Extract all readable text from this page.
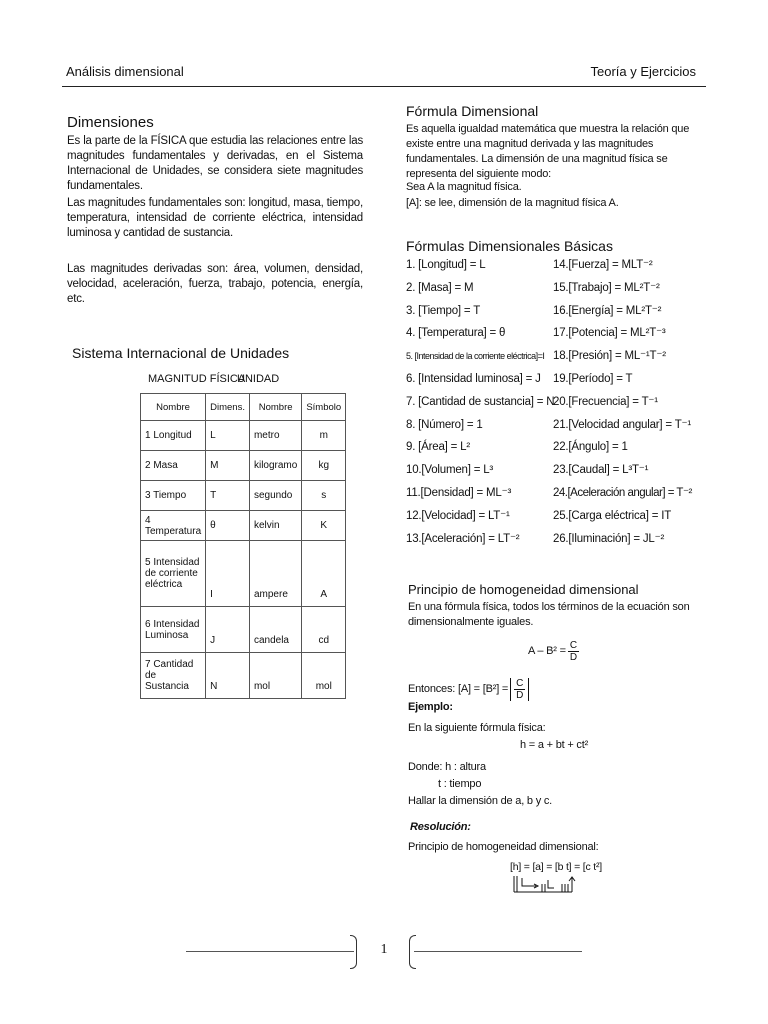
Análisis dimensional	Teoría y Ejercicios
Dimensiones
Es la parte de la FÍSICA que estudia las relaciones entre las magnitudes fundamentales y derivadas, en el Sistema Internacional de Unidades, se considera siete magnitudes fundamentales.
Las magnitudes fundamentales son: longitud, masa, tiempo, temperatura, intensidad de corriente eléctrica, intensidad luminosa y cantidad de sustancia.
Las magnitudes derivadas son: área, volumen, densidad, velocidad, aceleración, fuerza, trabajo, potencia, energía, etc.
Sistema Internacional de Unidades
MAGNITUD FÍSICA
UNIDAD
Nombre	Dimens.	Nombre	Símbolo
1 Longitud	L	metro	m
2 Masa	M	kilogramo	kg
3 Tiempo	T	segundo	s
4 Temperatura	θ	kelvin	K
5 Intensidad de corriente eléctrica	I	ampere	A
6 Intensidad Luminosa	J	candela	cd
7 Cantidad de Sustancia	N	mol	mol
Fórmula Dimensional
Es aquella igualdad matemática que muestra la relación que existe entre una magnitud derivada y las magnitudes fundamentales. La dimensión de una magnitud física se representa del siguiente modo:
Sea A la magnitud física.
[A]: se lee, dimensión de la magnitud física A.
Fórmulas Dimensionales Básicas
1. [Longitud] = L
2. [Masa] = M
3. [Tiempo] = T
4. [Temperatura] = θ
5. [Intensidad de la corriente eléctrica]=I
6. [Intensidad luminosa] = J
7. [Cantidad de sustancia] = N
8. [Número] = 1
9. [Área] = L²
10.[Volumen] = L³
11.[Densidad] = ML⁻³
12.[Velocidad] = LT⁻¹
13.[Aceleración] = LT⁻²
14.[Fuerza] = MLT⁻²
15.[Trabajo] = ML²T⁻²
16.[Energía] = ML²T⁻²
17.[Potencia] = ML²T⁻³
18.[Presión] = ML⁻¹T⁻²
19.[Período] = T
20.[Frecuencia] = T⁻¹
21.[Velocidad angular] = T⁻¹
22.[Ángulo] = 1
23.[Caudal] = L³T⁻¹
24.[Aceleración angular] = T⁻²
25.[Carga eléctrica] = IT
26.[Iluminación] = JL⁻²
Principio de homogeneidad dimensional
En una fórmula física, todos los términos de la ecuación son dimensionalmente iguales.
$A - B^2 = \frac{C}{D}$
Entonces: $[A] = [B^2] = \frac{C}{D}$
Ejemplo:
En la siguiente fórmula física:
h = a + bt + ct²
Donde: h : altura
t : tiempo
Hallar la dimensión de a, b y c.
Resolución:
Principio de homogeneidad dimensional:
[h] = [a] = [b t] = [c t²]
1
